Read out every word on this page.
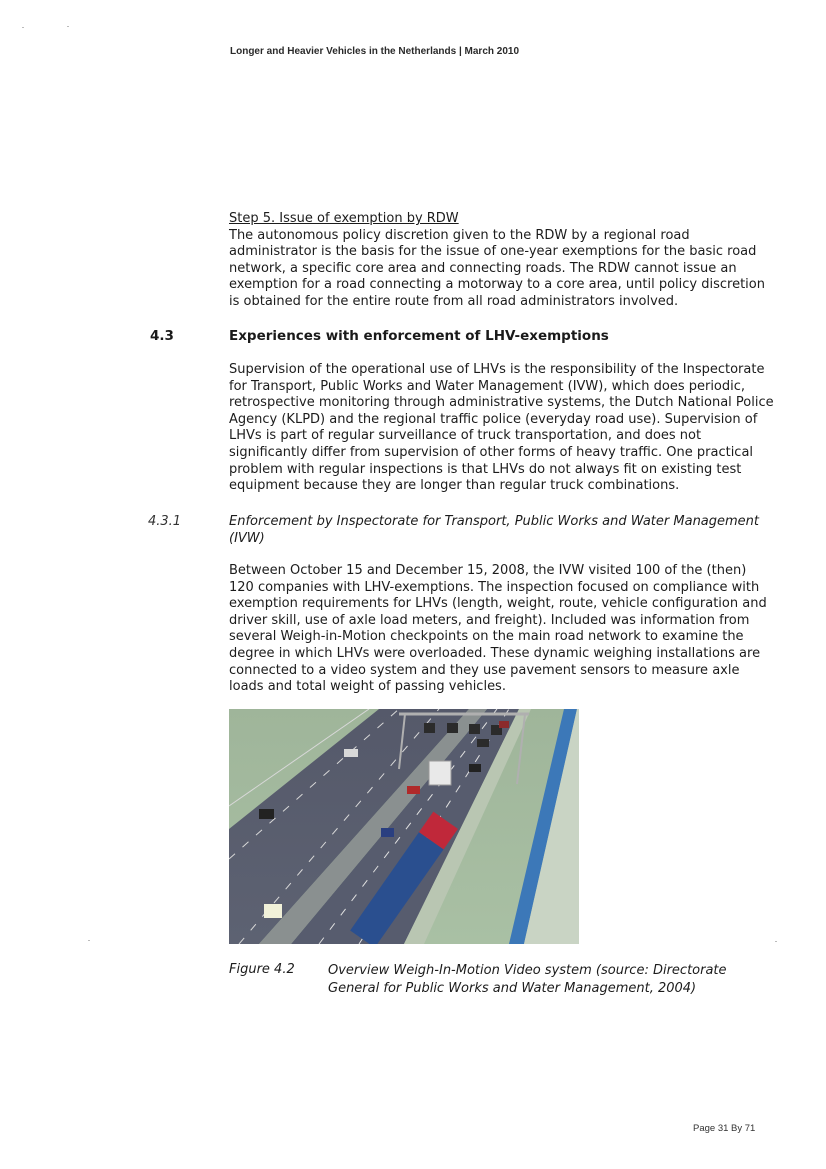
Longer and Heavier Vehicles in the Netherlands | March 2010
Step 5. Issue of exemption by RDW
The autonomous policy discretion given to the RDW by a regional road administrator is the basis for the issue of one-year exemptions for the basic road network, a specific core area and connecting roads. The RDW cannot issue an exemption for a road connecting a motorway to a core area, until policy discretion is obtained for the entire route from all road administrators involved.
4.3	Experiences with enforcement of LHV-exemptions
Supervision of the operational use of LHVs is the responsibility of the Inspectorate for Transport, Public Works and Water Management (IVW), which does periodic, retrospective monitoring through administrative systems, the Dutch National Police Agency (KLPD) and the regional traffic police (everyday road use). Supervision of LHVs is part of regular surveillance of truck transportation, and does not significantly differ from supervision of other forms of heavy traffic. One practical problem with regular inspections is that LHVs do not always fit on existing test equipment because they are longer than regular truck combinations.
4.3.1	Enforcement by Inspectorate for Transport, Public Works and Water Management (IVW)
Between October 15 and December 15, 2008, the IVW visited 100 of the (then) 120 companies with LHV-exemptions. The inspection focused on compliance with exemption requirements for LHVs (length, weight, route, vehicle configuration and driver skill, use of axle load meters, and freight). Included was information from several Weigh-in-Motion checkpoints on the main road network to examine the degree in which LHVs were overloaded. These dynamic weighing installations are connected to a video system and they use pavement sensors to measure axle loads and total weight of passing vehicles.
Figure 4.2	Overview Weigh-In-Motion Video system (source: Directorate General for Public Works and Water Management, 2004)
Page 31 By 71
